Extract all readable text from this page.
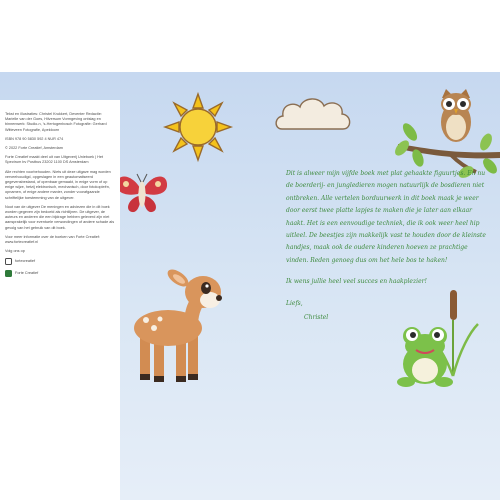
Tekst en illustraties: Christel Krukkert, Deventer Redactie: Marielle van der Goes, Hilversum Vormgeving ontslag en binnenwerk: Studio-n, 's-Hertogenbosch Fotografie: Gerhard Witteveen Fotografie, Apeldoorn

ISBN 978 90 5830 592 4 NUR 474

© 2022 Forte Creatief, Amsterdam

Forte Creatief maakt deel uit van Uitgeverij Unieboek | Het Spectrum bv Postbus 23202 1100 DS Amsterdam

Alle rechten voorbehouden. Niets uit deze uitgave mag worden verveelvoudigd, opgeslagen in een geautomatiseerd gegevensbestand, of openbaar gemaakt, in enige vorm of op enige wijze, hetzij elektronisch, mechanisch, door fotokopieën, opnamen, of enige andere manier, zonder voorafgaande schriftelijke toestemming van de uitgever.

Noot van de uitgever De meningen en adviezen die in dit boek worden gegeven zijn bedoeld als richtlijnen. De uitgever, de auteurs en anderen die een bijdrage hebben geleverd zijn niet aansprakelijk voor eventuele verwondingen of andere schade als gevolg van het gebruik van dit boek.

Voor meer informatie over de boeken van Forte Creatief: www.fortecreatief.nl

Volg ons op

fortecreatief
Forte Creatief

Dit is alweer mijn vijfde boek met plat gehaakte figuurtjes. En nu de boerderij- en jungledieren mogen natuurlijk de bosdieren niet ontbreken. Alle vertelen borduurwerk in dit boek maak je weer door eerst twee platte lapjes te maken die je later aan elkaar haakt. Het is een eenvoudige techniek, die ik ook weer heel hip uitleel. De beestjes zijn makkelijk vast te houden door de kleinste handjes, maak ook de oudere kinderen hoeven ze prachtige vinden. Reden genoeg dus om het hele bos te haken!

Ik wens jullie heel veel succes en haakplezier!

Liefs,

Christel
